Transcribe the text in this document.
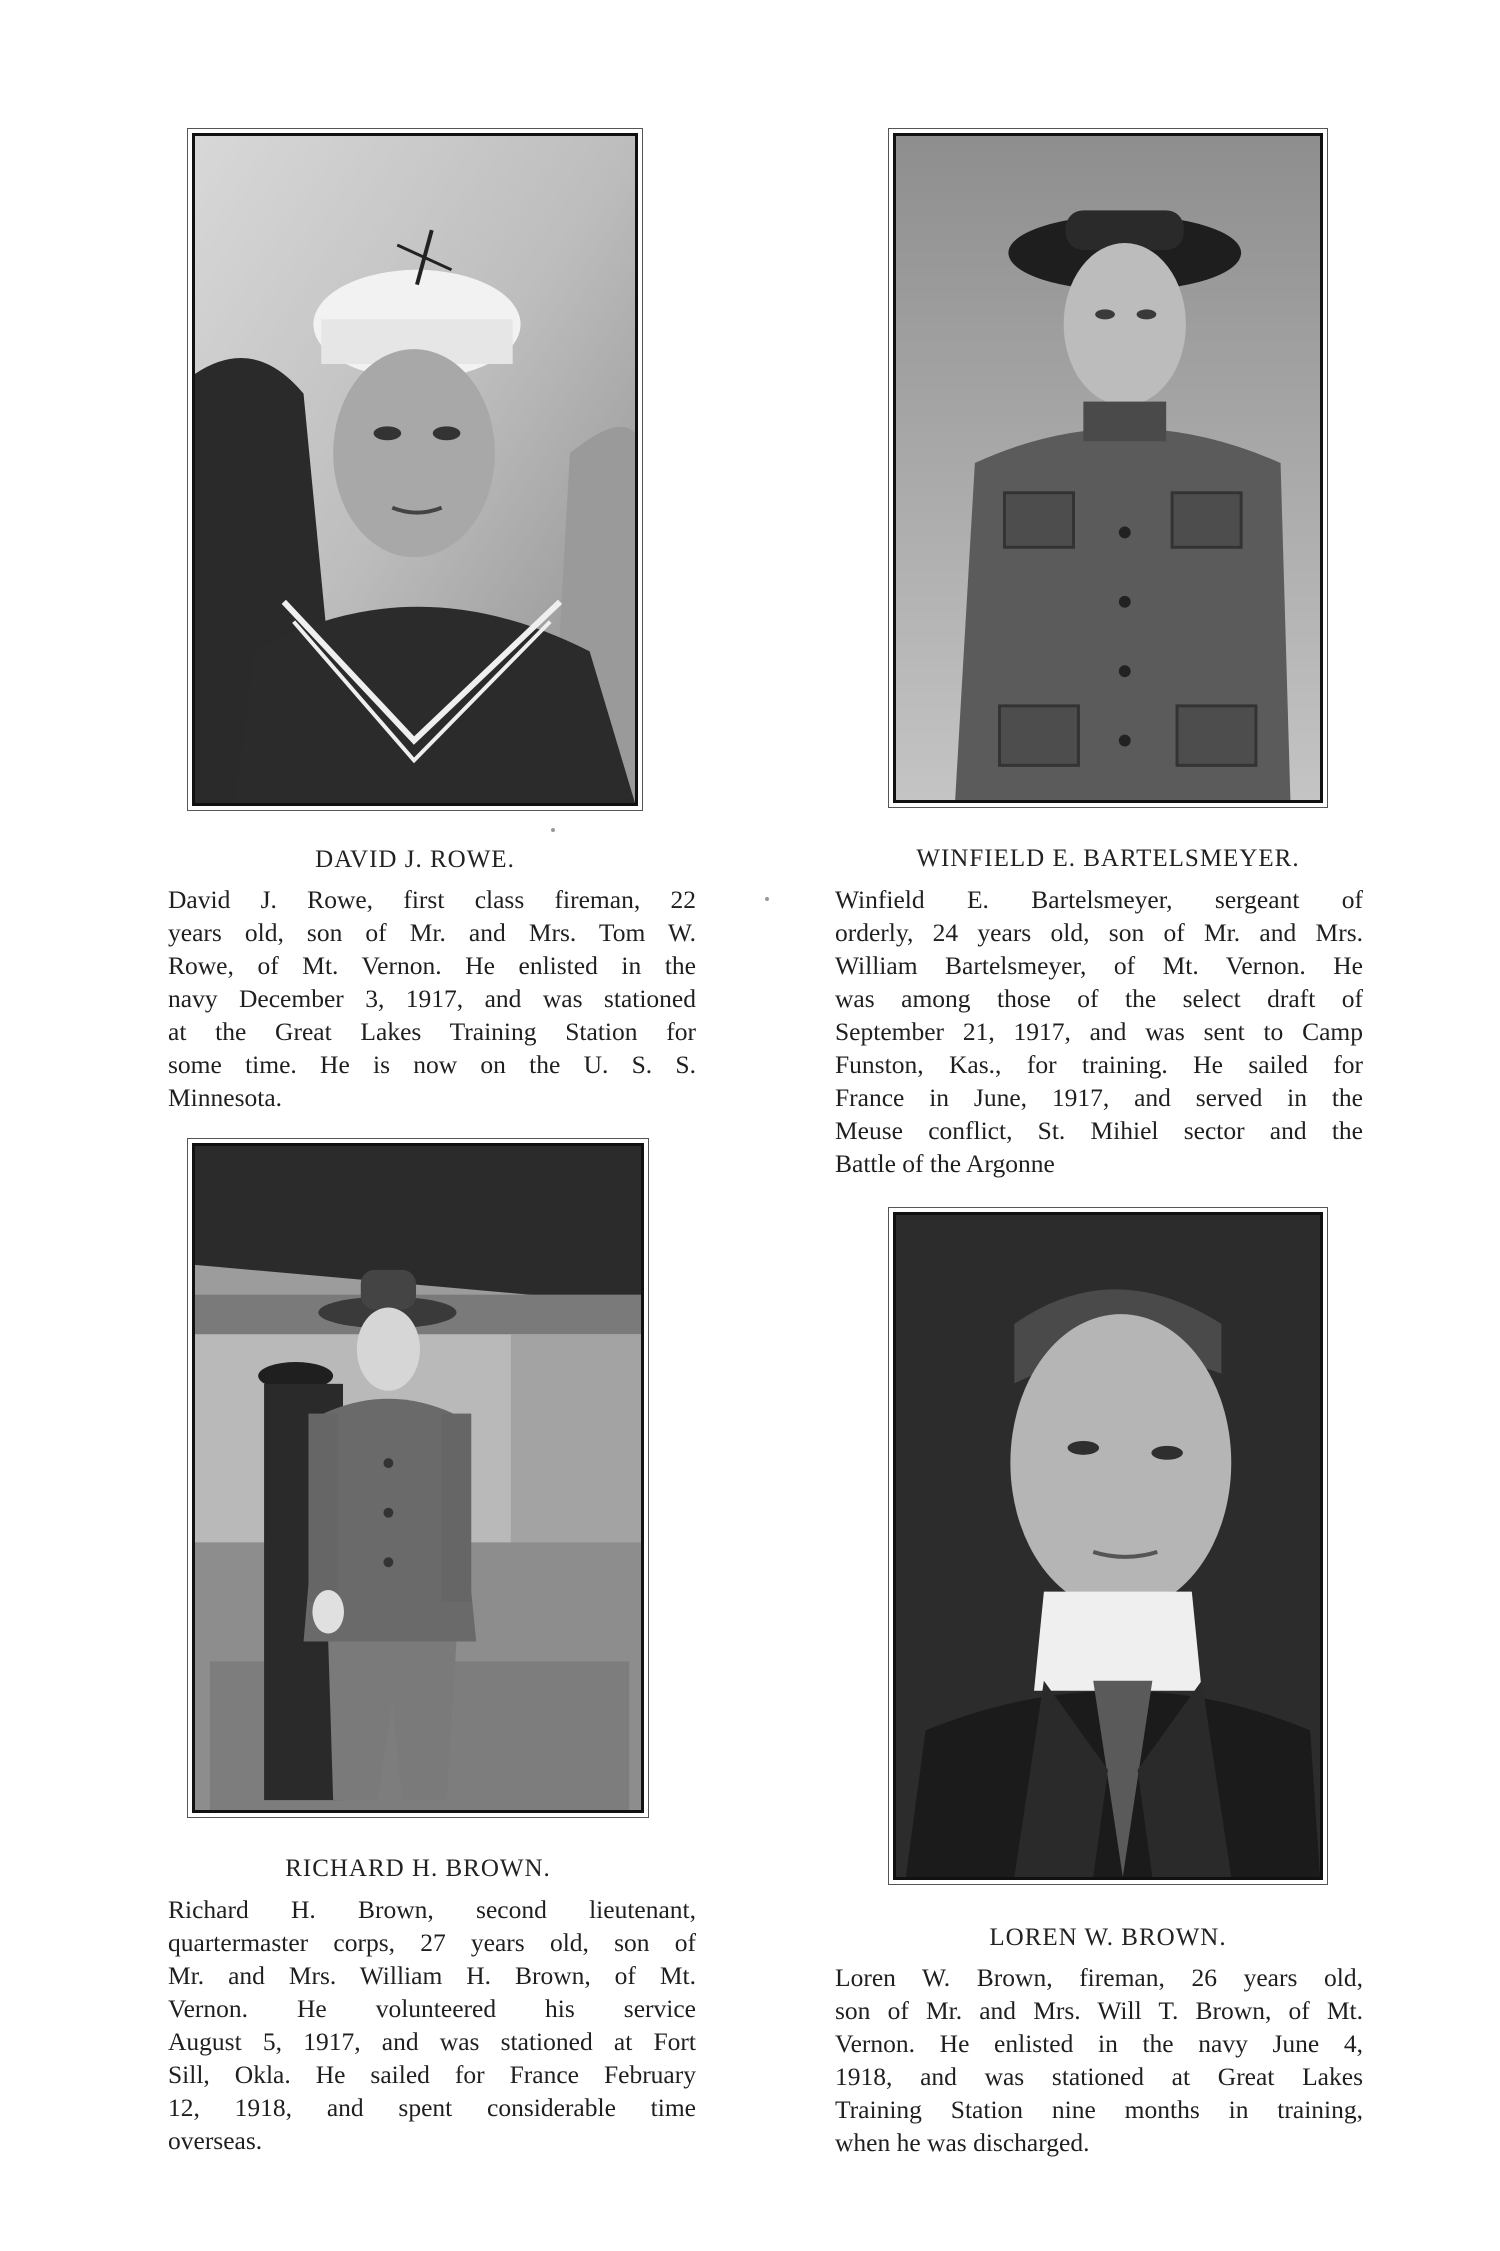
DAVID J. ROWE.

David J. Rowe, first class fireman, 22
years old, son of Mr. and Mrs. Tom W.
Rowe, of Mt. Vernon. He enlisted in the
navy December 3, 1917, and was stationed
at the Great Lakes Training Station for
some time. He is now on the U. S. S.
Minnesota.

WINFIELD E. BARTELSMEYER.

Winfield E. Bartelsmeyer, sergeant of
orderly, 24 years old, son of Mr. and Mrs.
William Bartelsmeyer, of Mt. Vernon. He
was among those of the select draft of
September 21, 1917, and was sent to Camp
Funston, Kas., for training. He sailed for
France in June, 1917, and served in the
Meuse conflict, St. Mihiel sector and the
Battle of the Argonne

RICHARD H. BROWN.

Richard H. Brown, second lieutenant,
quartermaster corps, 27 years old, son of
Mr. and Mrs. William H. Brown, of Mt.
Vernon. He volunteered his service
August 5, 1917, and was stationed at Fort
Sill, Okla. He sailed for France February
12, 1918, and spent considerable time
overseas.

LOREN W. BROWN.

Loren W. Brown, fireman, 26 years old,
son of Mr. and Mrs. Will T. Brown, of Mt.
Vernon. He enlisted in the navy June 4,
1918, and was stationed at Great Lakes
Training Station nine months in training,
when he was discharged.
